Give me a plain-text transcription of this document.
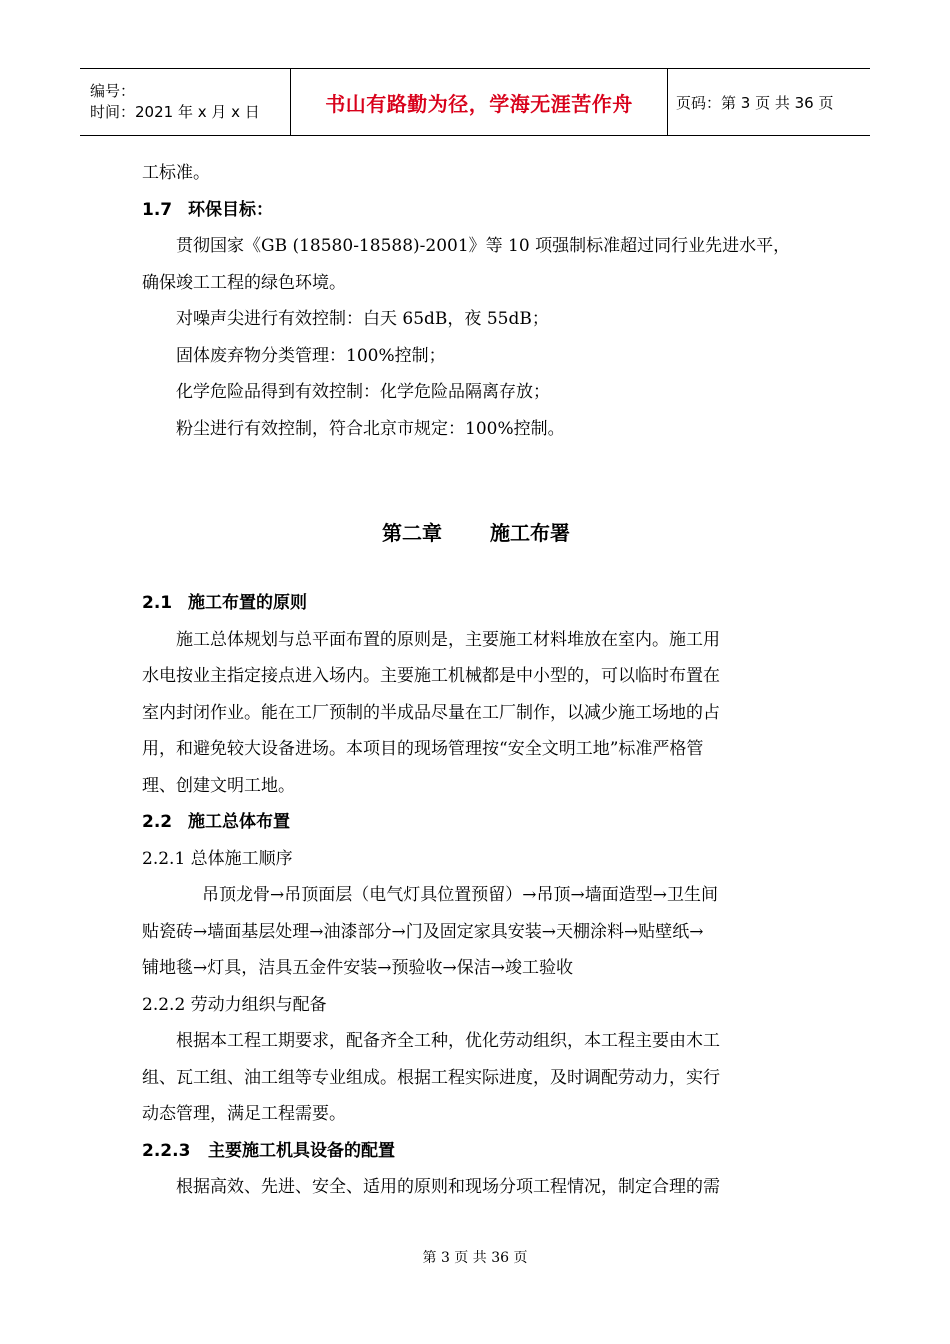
编号：
时间：2021 年 x 月 x 日	书山有路勤为径，学海无涯苦作舟	页码：第 3 页 共 36 页
工标准。
1.7 环保目标：
贯彻国家《GB (18580-18588)-2001》等 10 项强制标准超过同行业先进水平，
确保竣工工程的绿色环境。
对噪声尖进行有效控制：白天 65dB，夜 55dB；
固体废弃物分类管理：100%控制；
化学危险品得到有效控制：化学危险品隔离存放；
粉尘进行有效控制，符合北京市规定：100%控制。
第二章 施工布署
2.1 施工布置的原则
施工总体规划与总平面布置的原则是，主要施工材料堆放在室内。施工用
水电按业主指定接点进入场内。主要施工机械都是中小型的，可以临时布置在
室内封闭作业。能在工厂预制的半成品尽量在工厂制作，以减少施工场地的占
用，和避免较大设备进场。本项目的现场管理按“安全文明工地”标准严格管
理、创建文明工地。
2.2 施工总体布置
2.2.1 总体施工顺序
吊顶龙骨→吊顶面层（电气灯具位置预留）→吊顶→墙面造型→卫生间
贴瓷砖→墙面基层处理→油漆部分→门及固定家具安装→天棚涂料→贴壁纸→
铺地毯→灯具，洁具五金件安装→预验收→保洁→竣工验收
2.2.2 劳动力组织与配备
根据本工程工期要求，配备齐全工种，优化劳动组织，本工程主要由木工
组、瓦工组、油工组等专业组成。根据工程实际进度，及时调配劳动力，实行
动态管理，满足工程需要。
2.2.3 主要施工机具设备的配置
根据高效、先进、安全、适用的原则和现场分项工程情况，制定合理的需
第 3 页 共 36 页
